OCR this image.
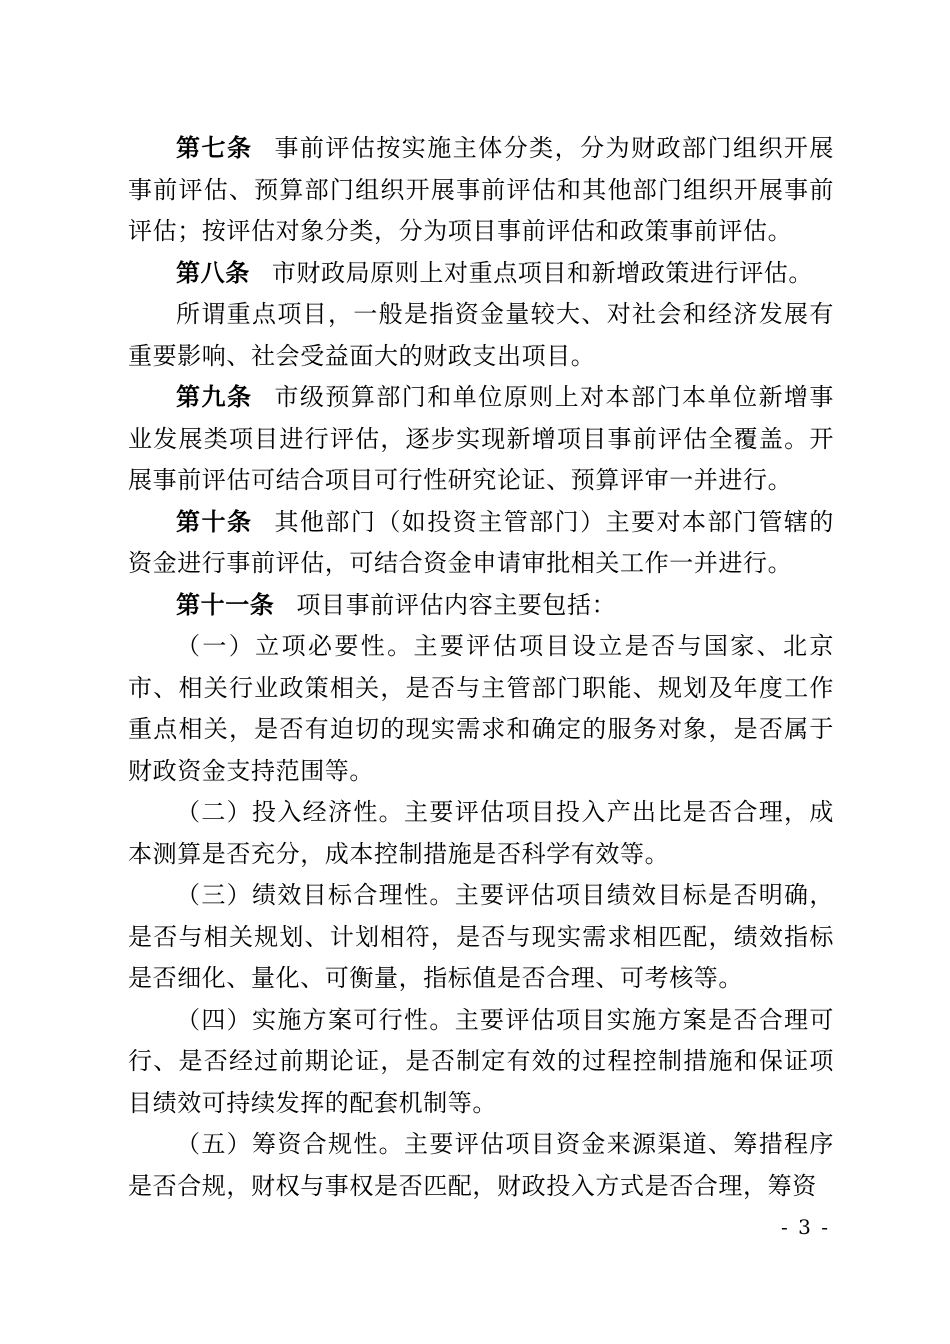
第七条 事前评估按实施主体分类，分为财政部门组织开展事前评估、预算部门组织开展事前评估和其他部门组织开展事前评估；按评估对象分类，分为项目事前评估和政策事前评估。

第八条 市财政局原则上对重点项目和新增政策进行评估。

所谓重点项目，一般是指资金量较大、对社会和经济发展有重要影响、社会受益面大的财政支出项目。

第九条 市级预算部门和单位原则上对本部门本单位新增事业发展类项目进行评估，逐步实现新增项目事前评估全覆盖。开展事前评估可结合项目可行性研究论证、预算评审一并进行。

第十条 其他部门（如投资主管部门）主要对本部门管辖的资金进行事前评估，可结合资金申请审批相关工作一并进行。

第十一条 项目事前评估内容主要包括：

（一）立项必要性。主要评估项目设立是否与国家、北京市、相关行业政策相关，是否与主管部门职能、规划及年度工作重点相关，是否有迫切的现实需求和确定的服务对象，是否属于财政资金支持范围等。

（二）投入经济性。主要评估项目投入产出比是否合理，成本测算是否充分，成本控制措施是否科学有效等。

（三）绩效目标合理性。主要评估项目绩效目标是否明确，是否与相关规划、计划相符，是否与现实需求相匹配，绩效指标是否细化、量化、可衡量，指标值是否合理、可考核等。

（四）实施方案可行性。主要评估项目实施方案是否合理可行、是否经过前期论证，是否制定有效的过程控制措施和保证项目绩效可持续发挥的配套机制等。

（五）筹资合规性。主要评估项目资金来源渠道、筹措程序是否合规，财权与事权是否匹配，财政投入方式是否合理，筹资

- 3 -
